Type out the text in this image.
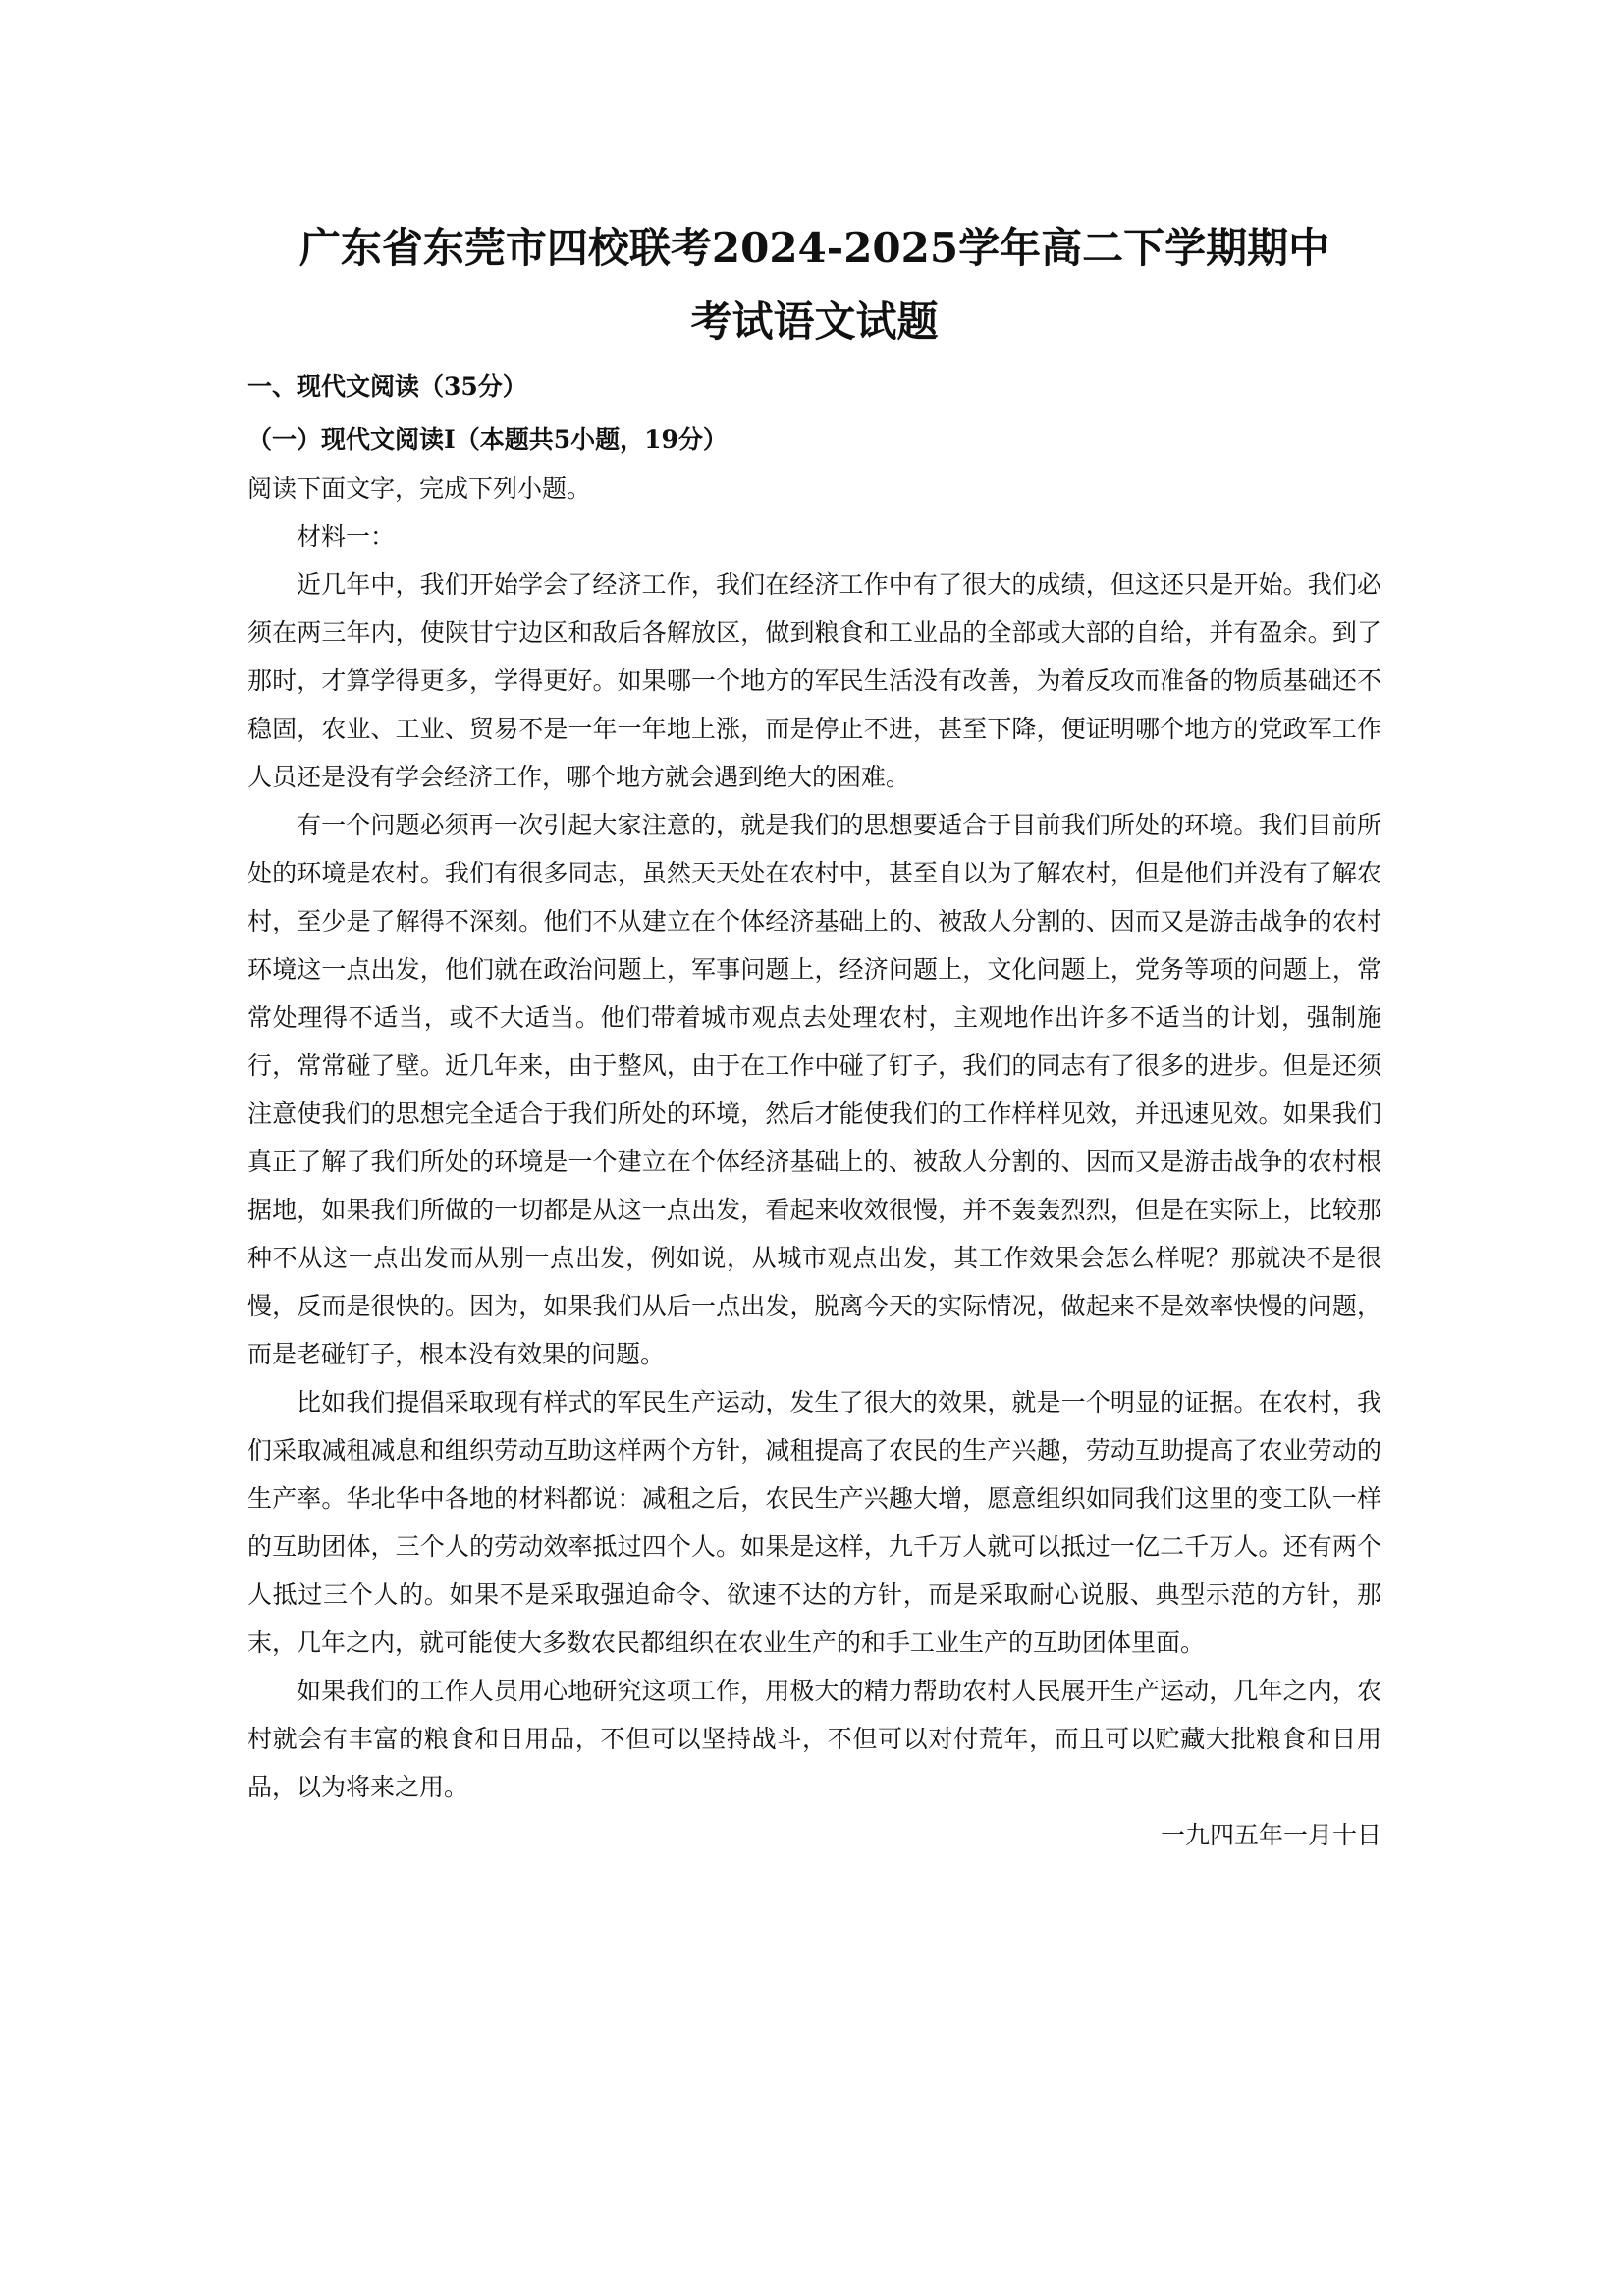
广东省东莞市四校联考2024-2025学年高二下学期期中
考试语文试题
一、现代文阅读（35分）
（一）现代文阅读Ⅰ（本题共5小题，19分）

阅读下面文字，完成下列小题。

材料一：

近几年中，我们开始学会了经济工作，我们在经济工作中有了很大的成绩，但这还只是开始。我们必须在两三年内，使陕甘宁边区和敌后各解放区，做到粮食和工业品的全部或大部的自给，并有盈余。到了那时，才算学得更多，学得更好。如果哪一个地方的军民生活没有改善，为着反攻而准备的物质基础还不稳固，农业、工业、贸易不是一年一年地上涨，而是停止不进，甚至下降，便证明哪个地方的党政军工作人员还是没有学会经济工作，哪个地方就会遇到绝大的困难。

有一个问题必须再一次引起大家注意的，就是我们的思想要适合于目前我们所处的环境。我们目前所处的环境是农村。我们有很多同志，虽然天天处在农村中，甚至自以为了解农村，但是他们并没有了解农村，至少是了解得不深刻。他们不从建立在个体经济基础上的、被敌人分割的、因而又是游击战争的农村环境这一点出发，他们就在政治问题上，军事问题上，经济问题上，文化问题上，党务等项的问题上，常常处理得不适当，或不大适当。他们带着城市观点去处理农村，主观地作出许多不适当的计划，强制施行，常常碰了壁。近几年来，由于整风，由于在工作中碰了钉子，我们的同志有了很多的进步。但是还须注意使我们的思想完全适合于我们所处的环境，然后才能使我们的工作样样见效，并迅速见效。如果我们真正了解了我们所处的环境是一个建立在个体经济基础上的、被敌人分割的、因而又是游击战争的农村根据地，如果我们所做的一切都是从这一点出发，看起来收效很慢，并不轰轰烈烈，但是在实际上，比较那种不从这一点出发而从别一点出发，例如说，从城市观点出发，其工作效果会怎么样呢？那就决不是很慢，反而是很快的。因为，如果我们从后一点出发，脱离今天的实际情况，做起来不是效率快慢的问题，而是老碰钉子，根本没有效果的问题。

比如我们提倡采取现有样式的军民生产运动，发生了很大的效果，就是一个明显的证据。在农村，我们采取减租减息和组织劳动互助这样两个方针，减租提高了农民的生产兴趣，劳动互助提高了农业劳动的生产率。华北华中各地的材料都说：减租之后，农民生产兴趣大增，愿意组织如同我们这里的变工队一样的互助团体，三个人的劳动效率抵过四个人。如果是这样，九千万人就可以抵过一亿二千万人。还有两个人抵过三个人的。如果不是采取强迫命令、欲速不达的方针，而是采取耐心说服、典型示范的方针，那末，几年之内，就可能使大多数农民都组织在农业生产的和手工业生产的互助团体里面。

如果我们的工作人员用心地研究这项工作，用极大的精力帮助农村人民展开生产运动，几年之内，农村就会有丰富的粮食和日用品，不但可以坚持战斗，不但可以对付荒年，而且可以贮藏大批粮食和日用品，以为将来之用。

一九四五年一月十日
